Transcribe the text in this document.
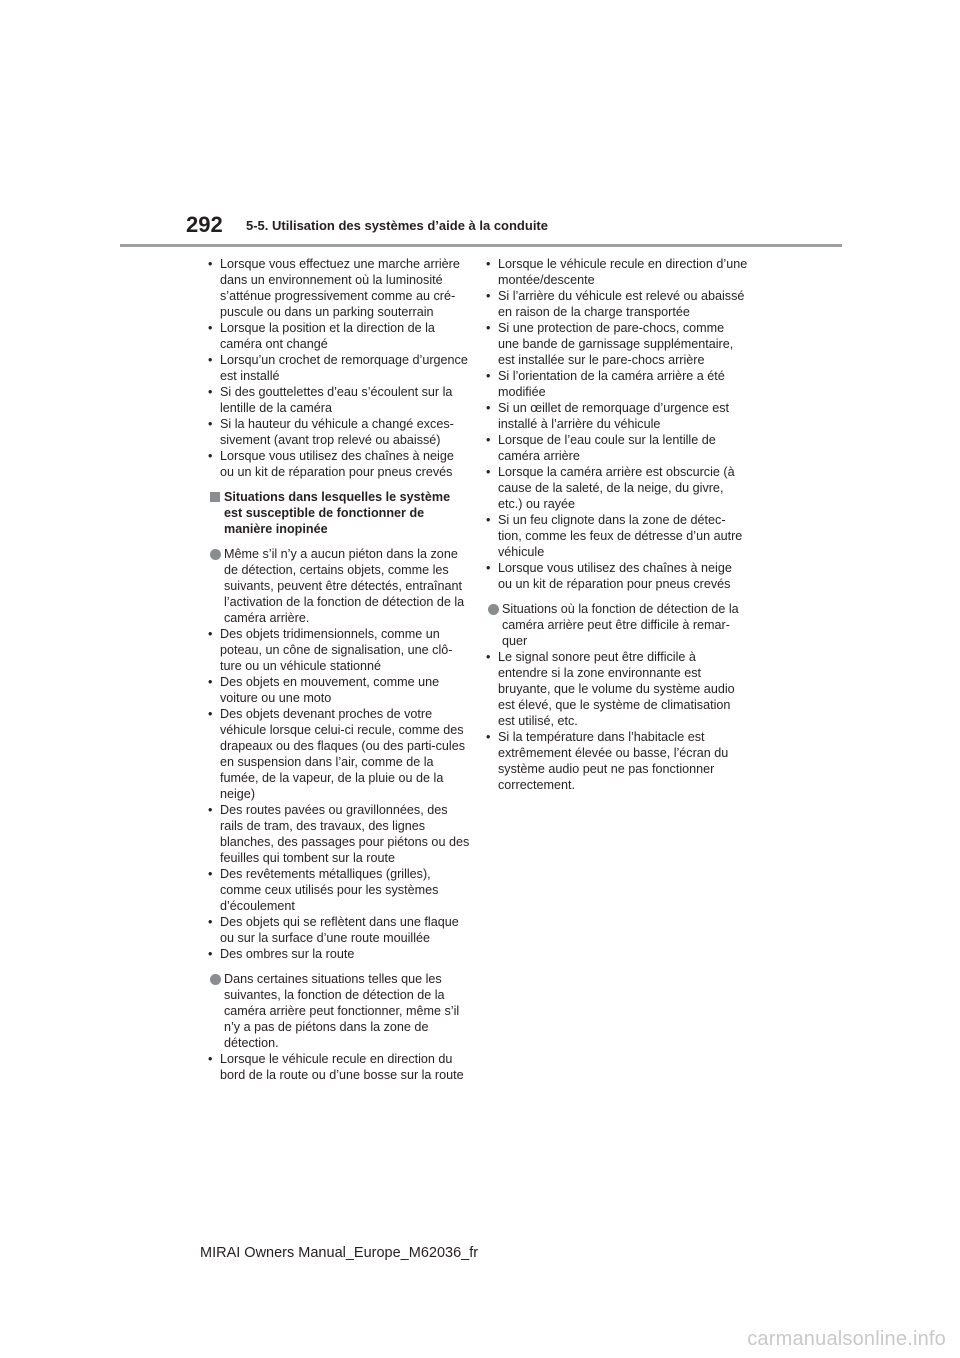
292 5-5. Utilisation des systèmes d’aide à la conduite
• Lorsque vous effectuez une marche arrière dans un environnement où la luminosité s’atténue progressivement comme au cré-puscule ou dans un parking souterrain
• Lorsque la position et la direction de la caméra ont changé
• Lorsqu’un crochet de remorquage d’urgence est installé
• Si des gouttelettes d’eau s’écoulent sur la lentille de la caméra
• Si la hauteur du véhicule a changé exces-sivement (avant trop relevé ou abaissé)
• Lorsque vous utilisez des chaînes à neige ou un kit de réparation pour pneus crevés
Situations dans lesquelles le système est susceptible de fonctionner de manière inopinée
Même s’il n’y a aucun piéton dans la zone de détection, certains objets, comme les suivants, peuvent être détectés, entraînant l’activation de la fonction de détection de la caméra arrière.
• Des objets tridimensionnels, comme un poteau, un cône de signalisation, une clô-ture ou un véhicule stationné
• Des objets en mouvement, comme une voiture ou une moto
• Des objets devenant proches de votre véhicule lorsque celui-ci recule, comme des drapeaux ou des flaques (ou des parti-cules en suspension dans l’air, comme de la fumée, de la vapeur, de la pluie ou de la neige)
• Des routes pavées ou gravillonnées, des rails de tram, des travaux, des lignes blanches, des passages pour piétons ou des feuilles qui tombent sur la route
• Des revêtements métalliques (grilles), comme ceux utilisés pour les systèmes d’écoulement
• Des objets qui se reflètent dans une flaque ou sur la surface d’une route mouillée
• Des ombres sur la route
Dans certaines situations telles que les suivantes, la fonction de détection de la caméra arrière peut fonctionner, même s’il n’y a pas de piétons dans la zone de détection.
• Lorsque le véhicule recule en direction du bord de la route ou d’une bosse sur la route
• Lorsque le véhicule recule en direction d’une montée/descente
• Si l’arrière du véhicule est relevé ou abaissé en raison de la charge transportée
• Si une protection de pare-chocs, comme une bande de garnissage supplémentaire, est installée sur le pare-chocs arrière
• Si l’orientation de la caméra arrière a été modifiée
• Si un œillet de remorquage d’urgence est installé à l’arrière du véhicule
• Lorsque de l’eau coule sur la lentille de caméra arrière
• Lorsque la caméra arrière est obscurcie (à cause de la saleté, de la neige, du givre, etc.) ou rayée
• Si un feu clignote dans la zone de détec-tion, comme les feux de détresse d’un autre véhicule
• Lorsque vous utilisez des chaînes à neige ou un kit de réparation pour pneus crevés
Situations où la fonction de détection de la caméra arrière peut être difficile à remar-quer
• Le signal sonore peut être difficile à entendre si la zone environnante est bruyante, que le volume du système audio est élevé, que le système de climatisation est utilisé, etc.
• Si la température dans l’habitacle est extrêmement élevée ou basse, l’écran du système audio peut ne pas fonctionner correctement.
MIRAI Owners Manual_Europe_M62036_fr
carmanualsonline.info
